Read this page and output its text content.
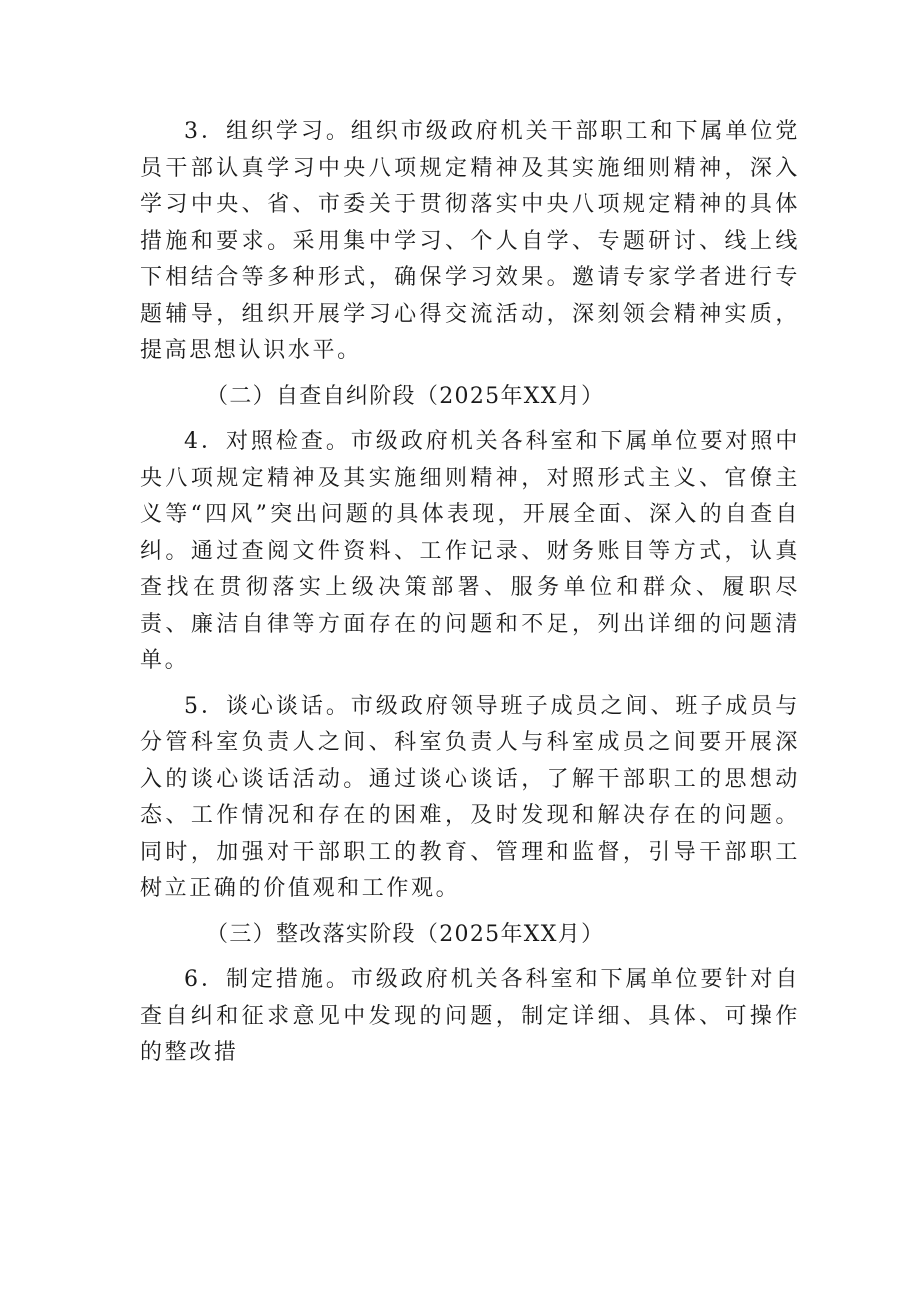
3．组织学习。组织市级政府机关干部职工和下属单位党员干部认真学习中央八项规定精神及其实施细则精神，深入学习中央、省、市委关于贯彻落实中央八项规定精神的具体措施和要求。采用集中学习、个人自学、专题研讨、线上线下相结合等多种形式，确保学习效果。邀请专家学者进行专题辅导，组织开展学习心得交流活动，深刻领会精神实质，提高思想认识水平。

（二）自查自纠阶段（2025年XX月）

4．对照检查。市级政府机关各科室和下属单位要对照中央八项规定精神及其实施细则精神，对照形式主义、官僚主义等“四风”突出问题的具体表现，开展全面、深入的自查自纠。通过查阅文件资料、工作记录、财务账目等方式，认真查找在贯彻落实上级决策部署、服务单位和群众、履职尽责、廉洁自律等方面存在的问题和不足，列出详细的问题清单。

5．谈心谈话。市级政府领导班子成员之间、班子成员与分管科室负责人之间、科室负责人与科室成员之间要开展深入的谈心谈话活动。通过谈心谈话，了解干部职工的思想动态、工作情况和存在的困难，及时发现和解决存在的问题。同时，加强对干部职工的教育、管理和监督，引导干部职工树立正确的价值观和工作观。

（三）整改落实阶段（2025年XX月）

6．制定措施。市级政府机关各科室和下属单位要针对自查自纠和征求意见中发现的问题，制定详细、具体、可操作的整改措
